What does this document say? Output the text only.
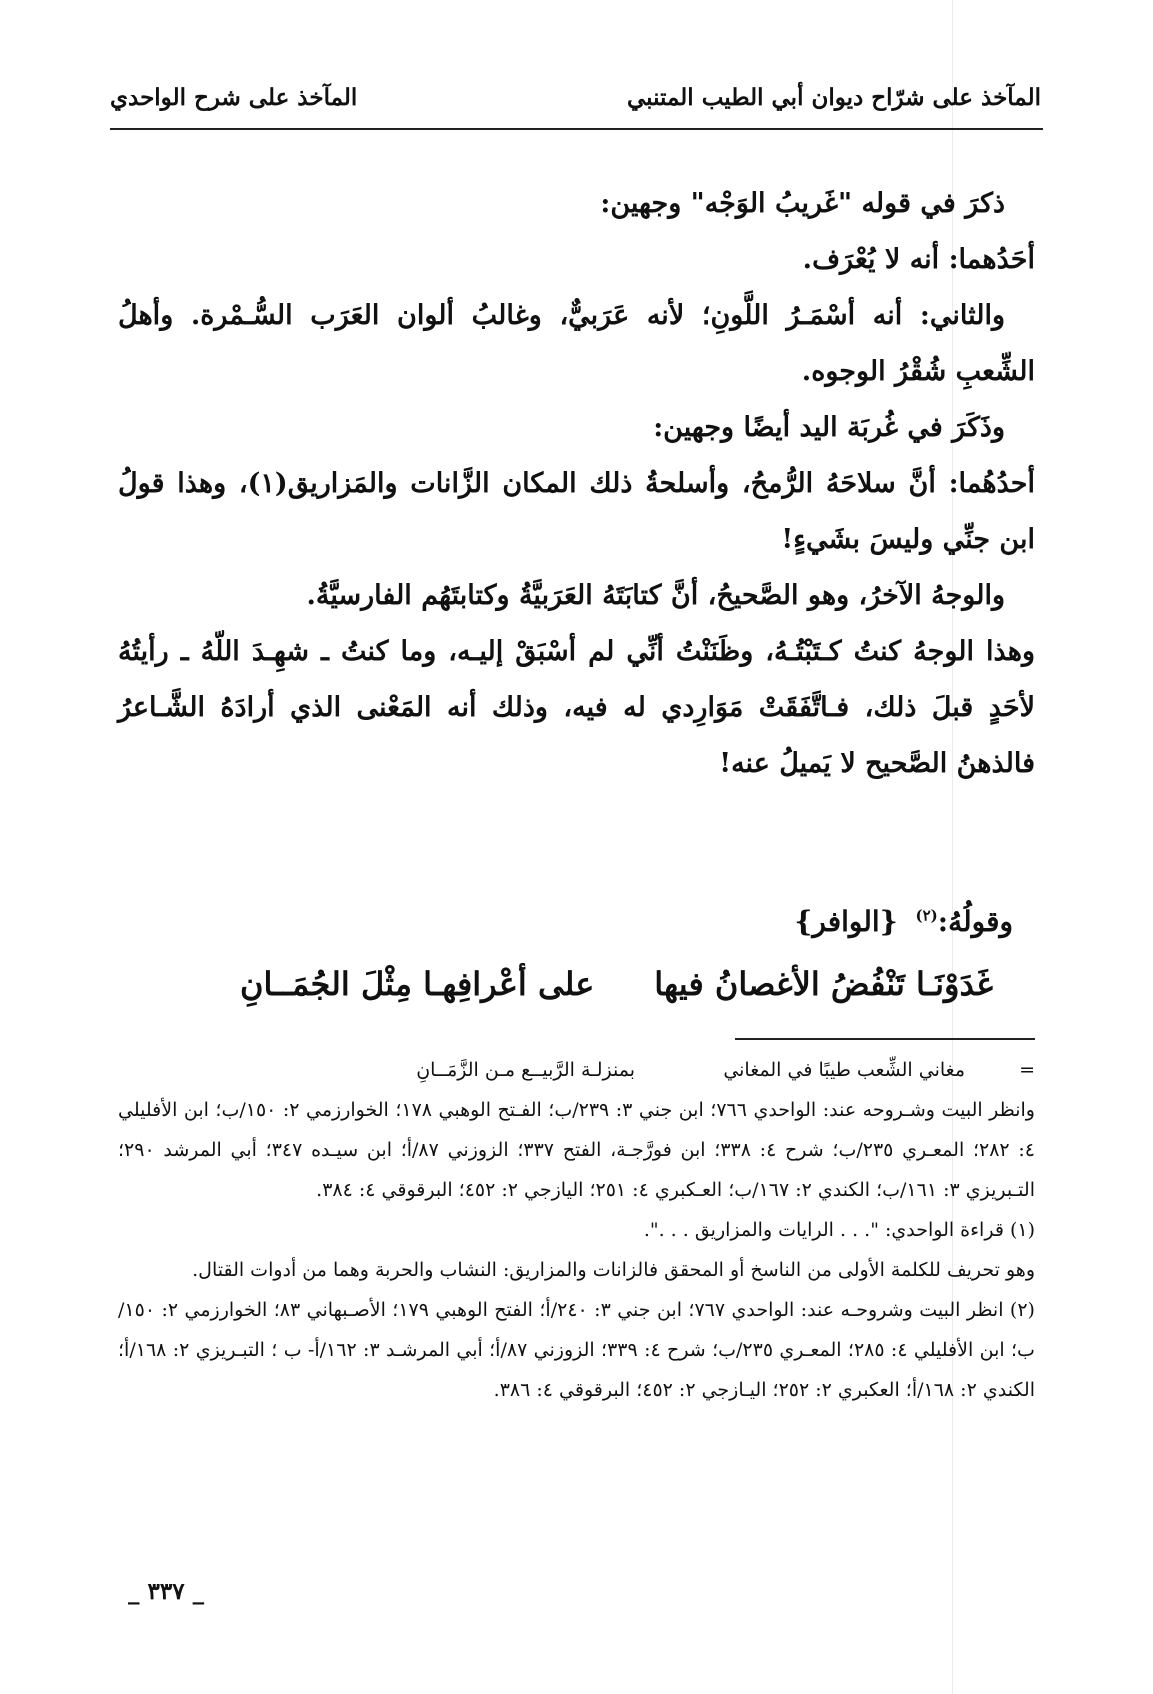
المآخذ على شرّاح ديوان أبي الطيب المتنبي
المآخذ على شرح الواحدي

ذكرَ في قوله "غَريبُ الوَجْه" وجهين:

أحَدُهما: أنه لا يُعْرَف.

والثاني: أنه أسْمَـرُ اللَّونِ؛ لأنه عَرَبيٌّ، وغالبُ ألوان العَرَب السُّـمْرة. وأهلُ الشِّعبِ شُقْرُ الوجوه.

وذَكَرَ في غُربَة اليد أيضًا وجهين:

أحدُهُما: أنَّ سلاحَهُ الرُّمحُ، وأسلحةُ ذلك المكان الزَّانات والمَزاريق(١)، وهذا قولُ ابن جنِّي وليسَ بشَيءٍ!

والوجهُ الآخرُ، وهو الصَّحيحُ، أنَّ كتابَتَهُ العَرَبيَّةُ وكتابتَهُم الفارسيَّةُ.

وهذا الوجهُ كنتُ كـتَبْتُـهُ، وظَنَنْتُ أنِّي لم أسْبَقْ إليـه، وما كنتُ ـ شهِـدَ اللّهُ ـ رأيتُهُ لأحَدٍ قبلَ ذلك، فـاتَّفَقَتْ مَوَارِدي له فيه، وذلك أنه المَعْنى الذي أرادَهُ الشَّـاعرُ فالذهنُ الصَّحيح لا يَميلُ عنه!

وقولُهُ:$^{(٢)}$ {الوافر}
غَدَوْنَـا تَنْفُضُ الأغصانُ فيها
على أعْرافِهـا مِثْلَ الجُمَــانِ
=
مغاني الشِّعب طيبًا في المغاني
بمنزلـة الرَّبيــع مـن الزَّمَــانِ

وانظر البيت وشـروحه عند: الواحدي ٧٦٦؛ ابن جني ٣: ٢٣٩/ب؛ الفـتح الوهبي ١٧٨؛ الخوارزمي ٢: ١٥٠/ب؛ ابن الأفليلي ٤: ٢٨٢؛ المعـري ٢٣٥/ب؛ شرح ٤: ٣٣٨؛ ابن فورَّجـة، الفتح ٣٣٧؛ الزوزني ٨٧/أ؛ ابن سيـده ٣٤٧؛ أبي المرشد ٢٩٠؛ التـبريزي ٣: ١٦١/ب؛ الكندي ٢: ١٦٧/ب؛ العـكبري ٤: ٢٥١؛ اليازجي ٢: ٤٥٢؛ البرقوقي ٤: ٣٨٤.

(١) قراءة الواحدي: ". . . الرايات والمزاريق . . .".

وهو تحريف للكلمة الأولى من الناسخ أو المحقق فالزانات والمزاريق: النشاب والحربة وهما من أدوات القتال.

(٢) انظر البيت وشروحـه عند: الواحدي ٧٦٧؛ ابن جني ٣: ٢٤٠/أ؛ الفتح الوهبي ١٧٩؛ الأصـبهاني ٨٣؛ الخوارزمي ٢: ١٥٠/ب؛ ابن الأفليلي ٤: ٢٨٥؛ المعـري ٢٣٥/ب؛ شرح ٤: ٣٣٩؛ الزوزني ٨٧/أ؛ أبي المرشـد ٣: ١٦٢/أ- ب ؛ التبـريزي ٢: ١٦٨/أ؛ الكندي ٢: ١٦٨/أ؛ العكبري ٢: ٢٥٢؛ اليـازجي ٢: ٤٥٢؛ البرقوقي ٤: ٣٨٦.

_ ٣٣٧ _
